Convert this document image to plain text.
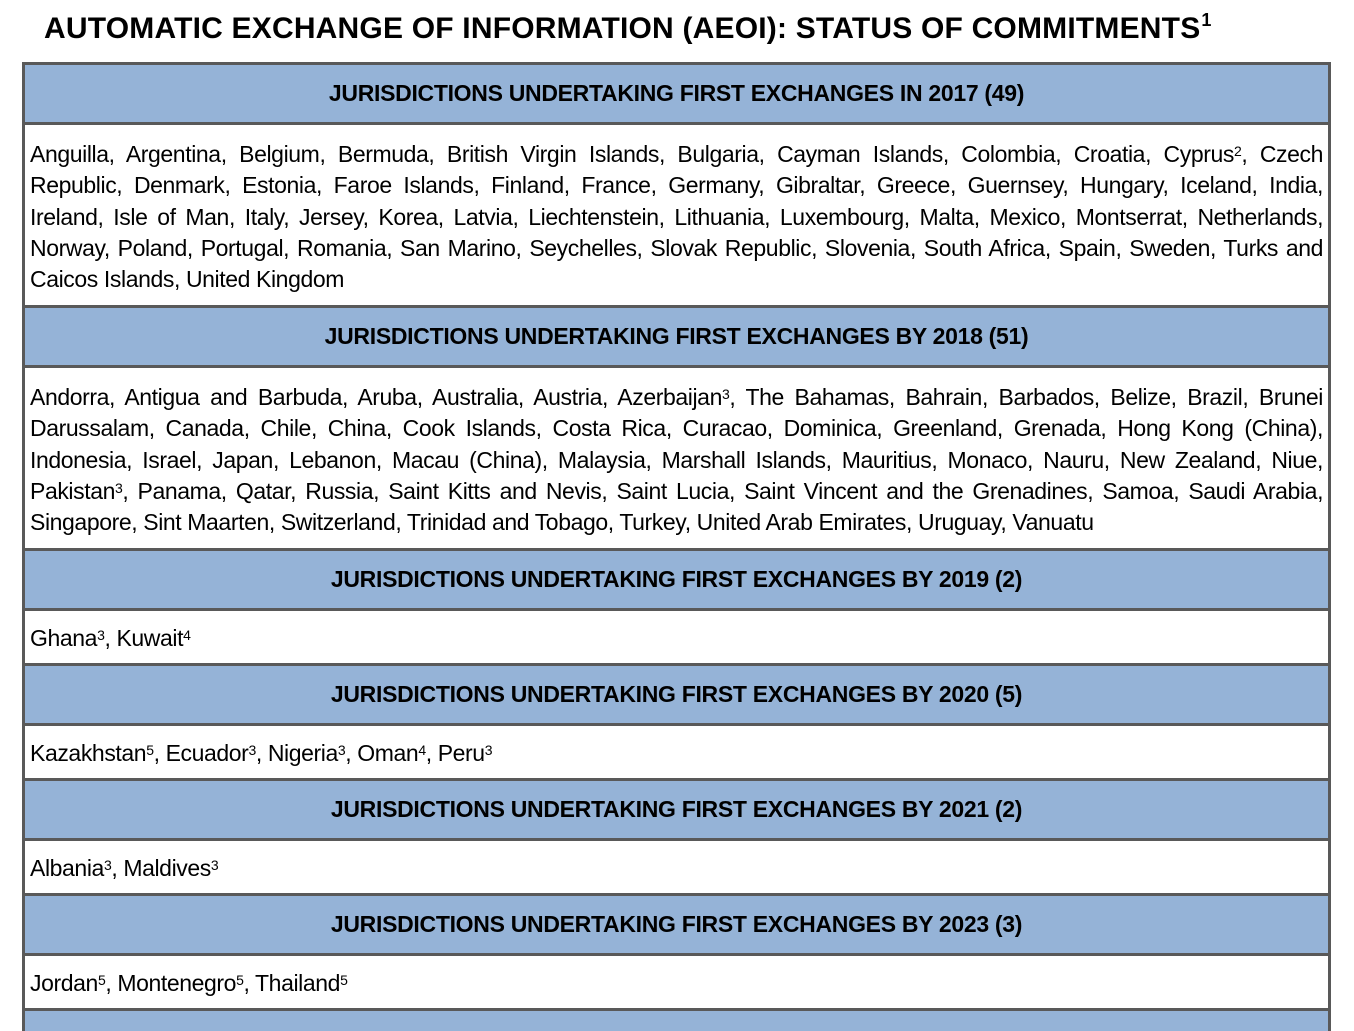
AUTOMATIC EXCHANGE OF INFORMATION (AEOI): STATUS OF COMMITMENTS$^1$
JURISDICTIONS UNDERTAKING FIRST EXCHANGES IN 2017 (49)
Anguilla, Argentina, Belgium, Bermuda, British Virgin Islands, Bulgaria, Cayman Islands, Colombia, Croatia, Cyprus$^2$, Czech Republic, Denmark, Estonia, Faroe Islands, Finland, France, Germany, Gibraltar, Greece, Guernsey, Hungary, Iceland, India, Ireland, Isle of Man, Italy, Jersey, Korea, Latvia, Liechtenstein, Lithuania, Luxembourg, Malta, Mexico, Montserrat, Netherlands, Norway, Poland, Portugal, Romania, San Marino, Seychelles, Slovak Republic, Slovenia, South Africa, Spain, Sweden, Turks and Caicos Islands, United Kingdom
JURISDICTIONS UNDERTAKING FIRST EXCHANGES BY 2018 (51)
Andorra, Antigua and Barbuda, Aruba, Australia, Austria, Azerbaijan$^3$, The Bahamas, Bahrain, Barbados, Belize, Brazil, Brunei Darussalam, Canada, Chile, China, Cook Islands, Costa Rica, Curacao, Dominica, Greenland, Grenada, Hong Kong (China), Indonesia, Israel, Japan, Lebanon, Macau (China), Malaysia, Marshall Islands, Mauritius, Monaco, Nauru, New Zealand, Niue, Pakistan$^3$, Panama, Qatar, Russia, Saint Kitts and Nevis, Saint Lucia, Saint Vincent and the Grenadines, Samoa, Saudi Arabia, Singapore, Sint Maarten, Switzerland, Trinidad and Tobago, Turkey, United Arab Emirates, Uruguay, Vanuatu
JURISDICTIONS UNDERTAKING FIRST EXCHANGES BY 2019 (2)
Ghana$^3$, Kuwait$^4$
JURISDICTIONS UNDERTAKING FIRST EXCHANGES BY 2020 (5)
Kazakhstan$^5$, Ecuador$^3$, Nigeria$^3$, Oman$^4$, Peru$^3$
JURISDICTIONS UNDERTAKING FIRST EXCHANGES BY 2021 (2)
Albania$^3$, Maldives$^3$
JURISDICTIONS UNDERTAKING FIRST EXCHANGES BY 2023 (3)
Jordan$^5$, Montenegro$^5$, Thailand$^5$
